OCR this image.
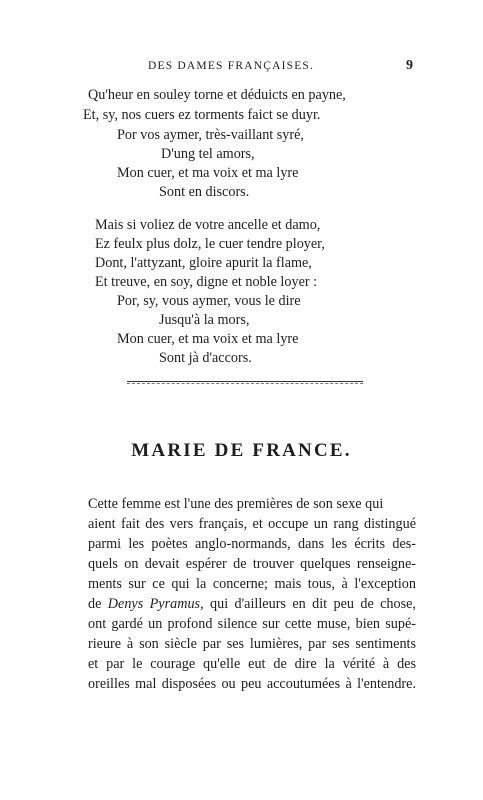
DES DAMES FRANÇAISES.	9
Qu'heur en souley torne et déduicts en payne,
Et, sy, nos cuers ez torments faict se duyr.
Por vos aymer, très-vaillant syré,
D'ung tel amors,
Mon cuer, et ma voix et ma lyre
Sont en discors.
Mais si voliez de votre ancelle et damo,
Ez feulx plus dolz, le cuer tendre ployer,
Dont, l'attyzant, gloire apurit la flame,
Et treuve, en soy, digne et noble loyer :
Por, sy, vous aymer, vous le dire
Jusqu'à la mors,
Mon cuer, et ma voix et ma lyre
Sont jà d'accors.
MARIE DE FRANCE.
Cette femme est l'une des premières de son sexe qui
aient fait des vers français, et occupe un rang distingué
parmi les poètes anglo-normands, dans les écrits des-
quels on devait espérer de trouver quelques renseigne-
ments sur ce qui la concerne; mais tous, à l'exception
de Denys Pyramus, qui d'ailleurs en dit peu de chose,
ont gardé un profond silence sur cette muse, bien supé-
rieure à son siècle par ses lumières, par ses sentiments
et par le courage qu'elle eut de dire la vérité à des
oreilles mal disposées ou peu accoutumées à l'entendre.
